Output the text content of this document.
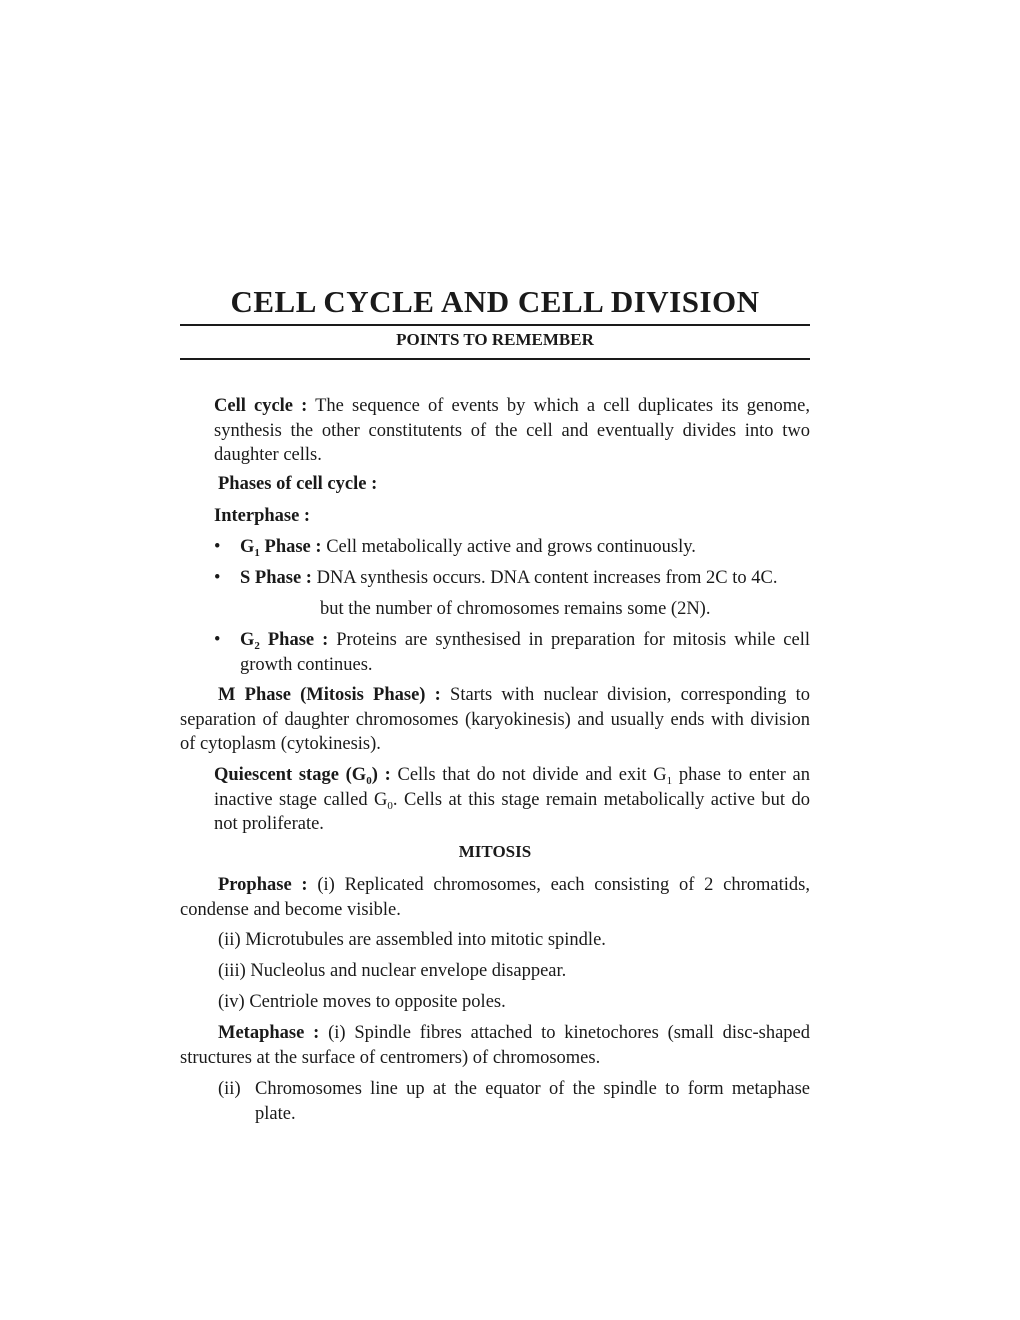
CELL CYCLE AND CELL DIVISION
POINTS TO REMEMBER

Cell cycle : The sequence of events by which a cell duplicates its genome, synthesis the other constitutents of the cell and eventually divides into two daughter cells.

Phases of cell cycle :

Interphase :

• $G_1$ Phase : Cell metabolically active and grows continuously.

• S Phase : DNA synthesis occurs. DNA content increases from 2C to 4C.

but the number of chromosomes remains some (2N).

• $G_2$ Phase : Proteins are synthesised in preparation for mitosis while cell growth continues.

M Phase (Mitosis Phase) : Starts with nuclear division, corresponding to separation of daughter chromosomes (karyokinesis) and usually ends with division of cytoplasm (cytokinesis).

Quiescent stage $(G_0)$ : Cells that do not divide and exit $G_1$ phase to enter an inactive stage called $G_0$. Cells at this stage remain metabolically active but do not proliferate.

MITOSIS

Prophase : (i) Replicated chromosomes, each consisting of 2 chromatids, condense and become visible.

(ii) Microtubules are assembled into mitotic spindle.

(iii) Nucleolus and nuclear envelope disappear.

(iv) Centriole moves to opposite poles.

Metaphase : (i) Spindle fibres attached to kinetochores (small disc-shaped structures at the surface of centromers) of chromosomes.

(ii) Chromosomes line up at the equator of the spindle to form metaphase plate.
